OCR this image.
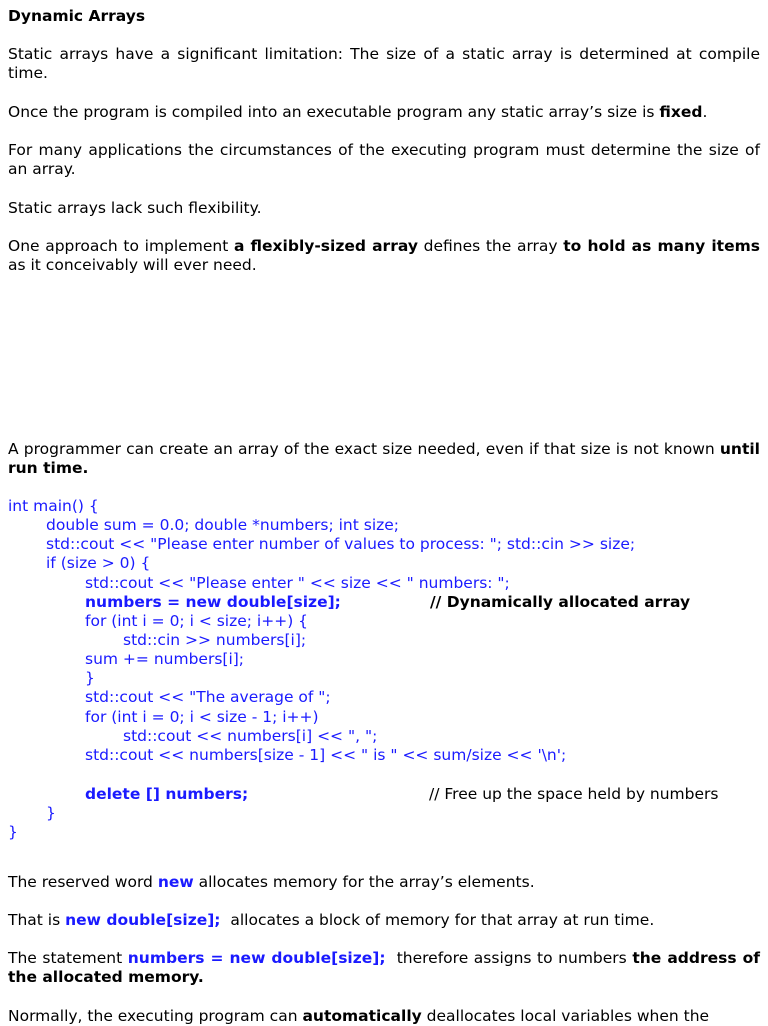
Dynamic Arrays

Static arrays have a significant limitation: The size of a static array is determined at compile time.

Once the program is compiled into an executable program any static array’s size is fixed.

For many applications the circumstances of the executing program must determine the size of an array.

Static arrays lack such flexibility.

One approach to implement a flexibly-sized array defines the array to hold as many items as it conceivably will ever need.

A programmer can create an array of the exact size needed, even if that size is not known until run time.

int main() {
double sum = 0.0; double *numbers; int size;
std::cout << "Please enter number of values to process: "; std::cin >> size;
if (size > 0) {
std::cout << "Please enter " << size << " numbers: ";
numbers = new double[size];	// Dynamically allocated array
for (int i = 0; i < size; i++) {
std::cin >> numbers[i];
sum += numbers[i];
}
std::cout << "The average of ";
for (int i = 0; i < size - 1; i++)
std::cout << numbers[i] << ", ";
std::cout << numbers[size - 1] << " is " << sum/size << '\n';
delete [] numbers;	// Free up the space held by numbers
}
}

The reserved word new allocates memory for the array’s elements.

That is new double[size];  allocates a block of memory for that array at run time.

The statement numbers = new double[size];  therefore assigns to numbers the address of the allocated memory.

Normally, the executing program can automatically deallocates local variables when the
